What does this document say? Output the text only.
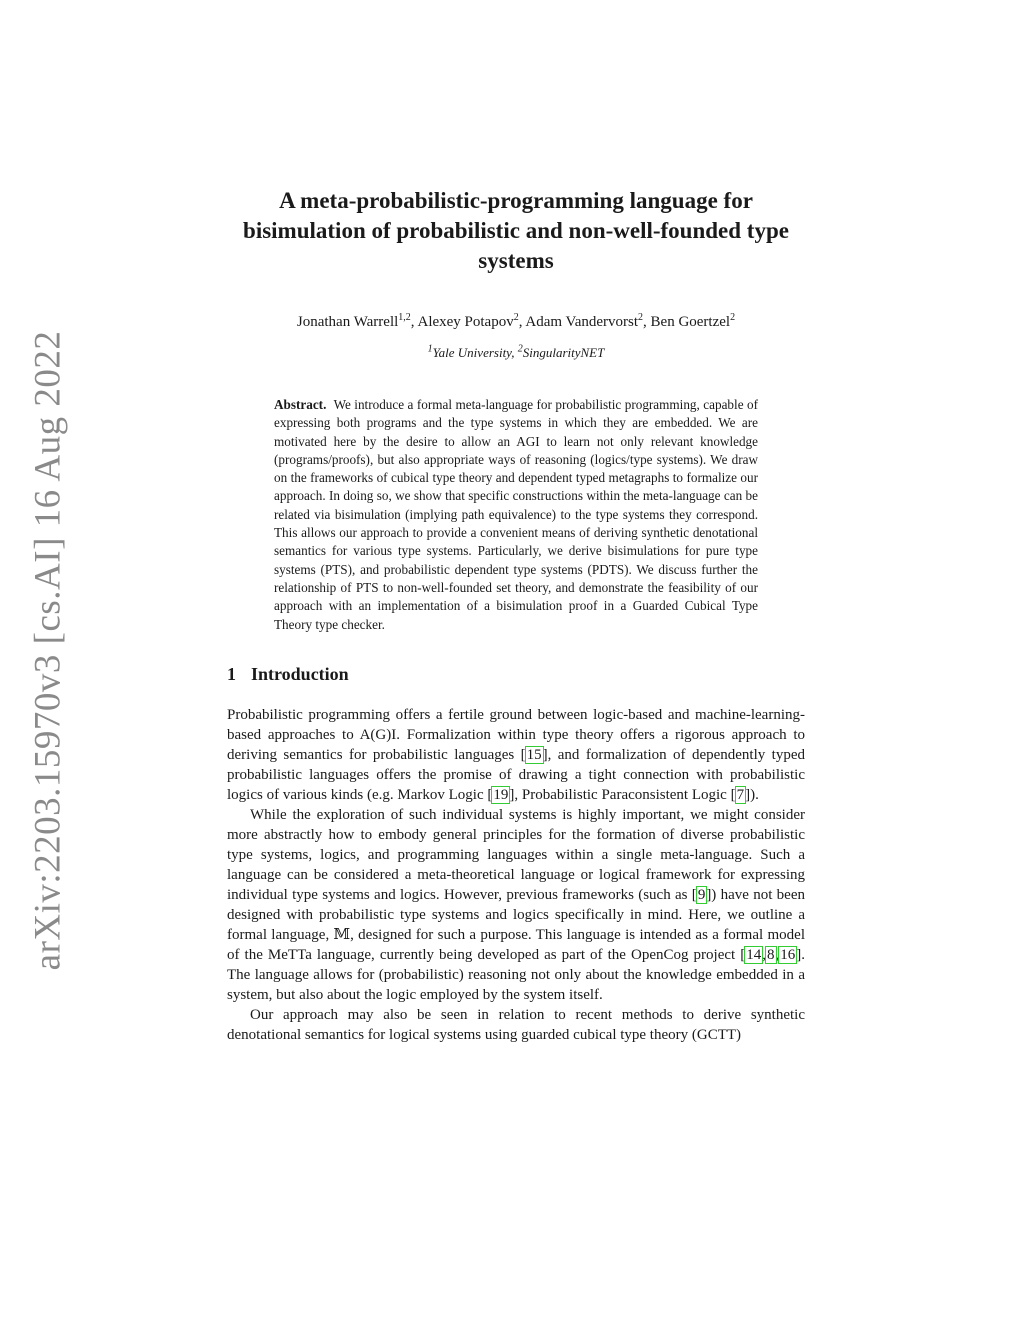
arXiv:2203.15970v3 [cs.AI] 16 Aug 2022
A meta-probabilistic-programming language for
bisimulation of probabilistic and non-well-founded type
systems
Jonathan Warrell$^{1,2}$, Alexey Potapov$^2$, Adam Vandervorst$^2$, Ben Goertzel$^2$
$^1$Yale University, $^2$SingularityNET
Abstract. We introduce a formal meta-language for probabilistic programming, capable of expressing both programs and the type systems in which they are embedded. We are motivated here by the desire to allow an AGI to learn not only relevant knowledge (programs/proofs), but also appropriate ways of reasoning (logics/type systems). We draw on the frameworks of cubical type theory and dependent typed metagraphs to formalize our approach. In doing so, we show that specific constructions within the meta-language can be related via bisimulation (implying path equivalence) to the type systems they correspond. This allows our approach to provide a convenient means of deriving synthetic denotational semantics for various type systems. Particularly, we derive bisimulations for pure type systems (PTS), and probabilistic dependent type systems (PDTS). We discuss further the relationship of PTS to non-well-founded set theory, and demonstrate the feasibility of our approach with an implementation of a bisimulation proof in a Guarded Cubical Type Theory type checker.
1 Introduction

Probabilistic programming offers a fertile ground between logic-based and machine-learning-based approaches to A(G)I. Formalization within type theory offers a rigorous approach to deriving semantics for probabilistic languages [15], and formalization of dependently typed probabilistic languages offers the promise of drawing a tight connection with probabilistic logics of various kinds (e.g. Markov Logic [19], Probabilistic Paraconsistent Logic [7]).

While the exploration of such individual systems is highly important, we might consider more abstractly how to embody general principles for the formation of diverse probabilistic type systems, logics, and programming languages within a single meta-language. Such a language can be considered a meta-theoretical language or logical framework for expressing individual type systems and logics. However, previous frameworks (such as [9]) have not been designed with probabilistic type systems and logics specifically in mind. Here, we outline a formal language, 𝕄, designed for such a purpose. This language is intended as a formal model of the MeTTa language, currently being developed as part of the OpenCog project [14,8,16]. The language allows for (probabilistic) reasoning not only about the knowledge embedded in a system, but also about the logic employed by the system itself.

Our approach may also be seen in relation to recent methods to derive synthetic denotational semantics for logical systems using guarded cubical type theory (GCTT)
